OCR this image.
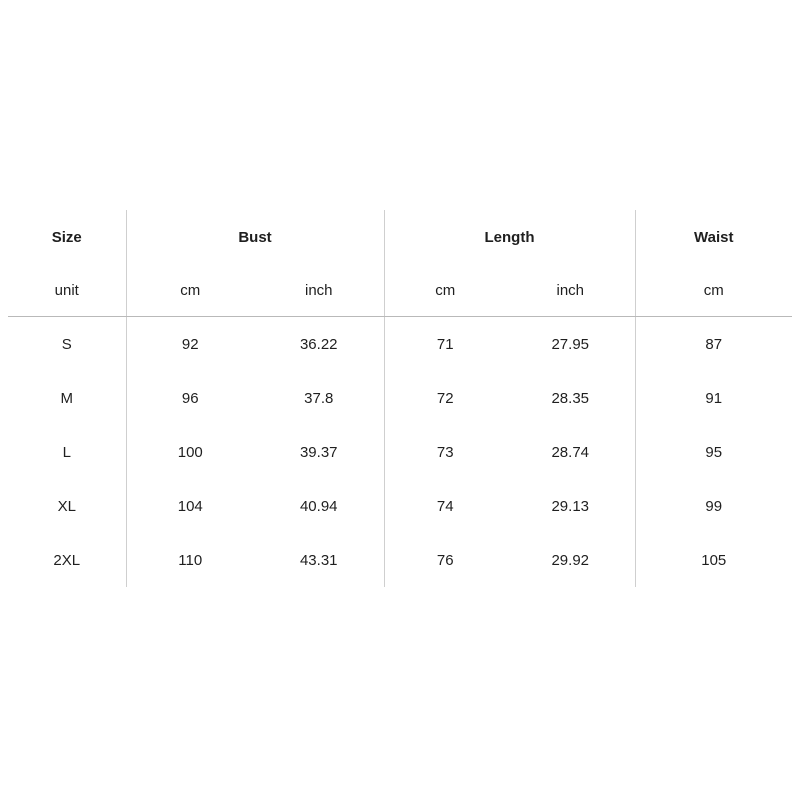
Size	Bust		Length		Waist
unit	cm	inch	cm	inch	cm
S	92	36.22	71	27.95	87
M	96	37.8	72	28.35	91
L	100	39.37	73	28.74	95
XL	104	40.94	74	29.13	99
2XL	110	43.31	76	29.92	105
